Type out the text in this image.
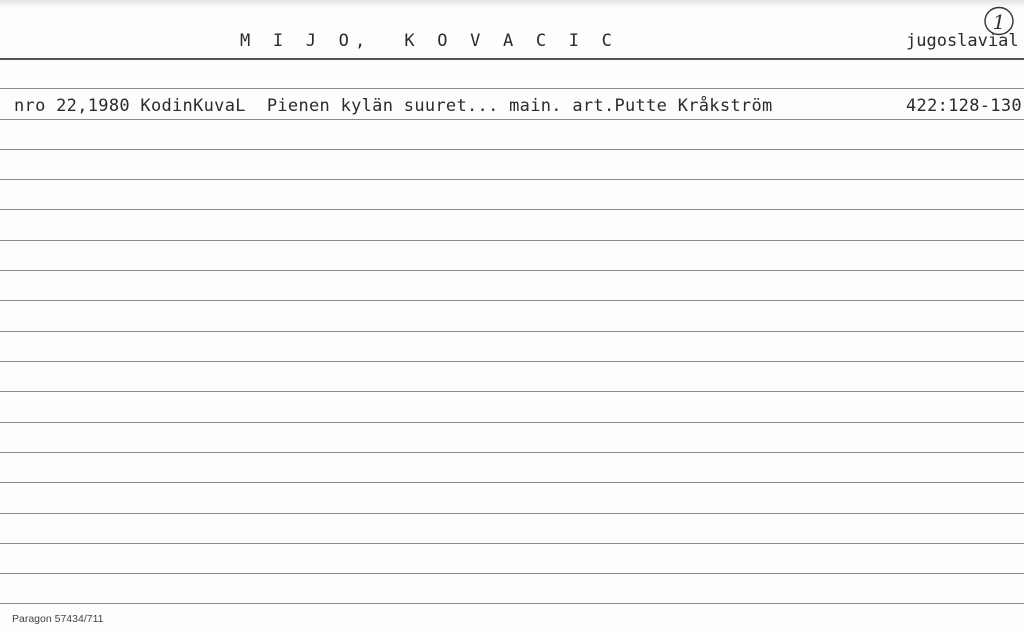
M I J O,  K O V A C I C	jugoslavial
1
nro 22,1980 KodinKuvaL  Pienen kylän suuret... main. art.Putte Kråkström	422:128-130
Paragon 57434/711
